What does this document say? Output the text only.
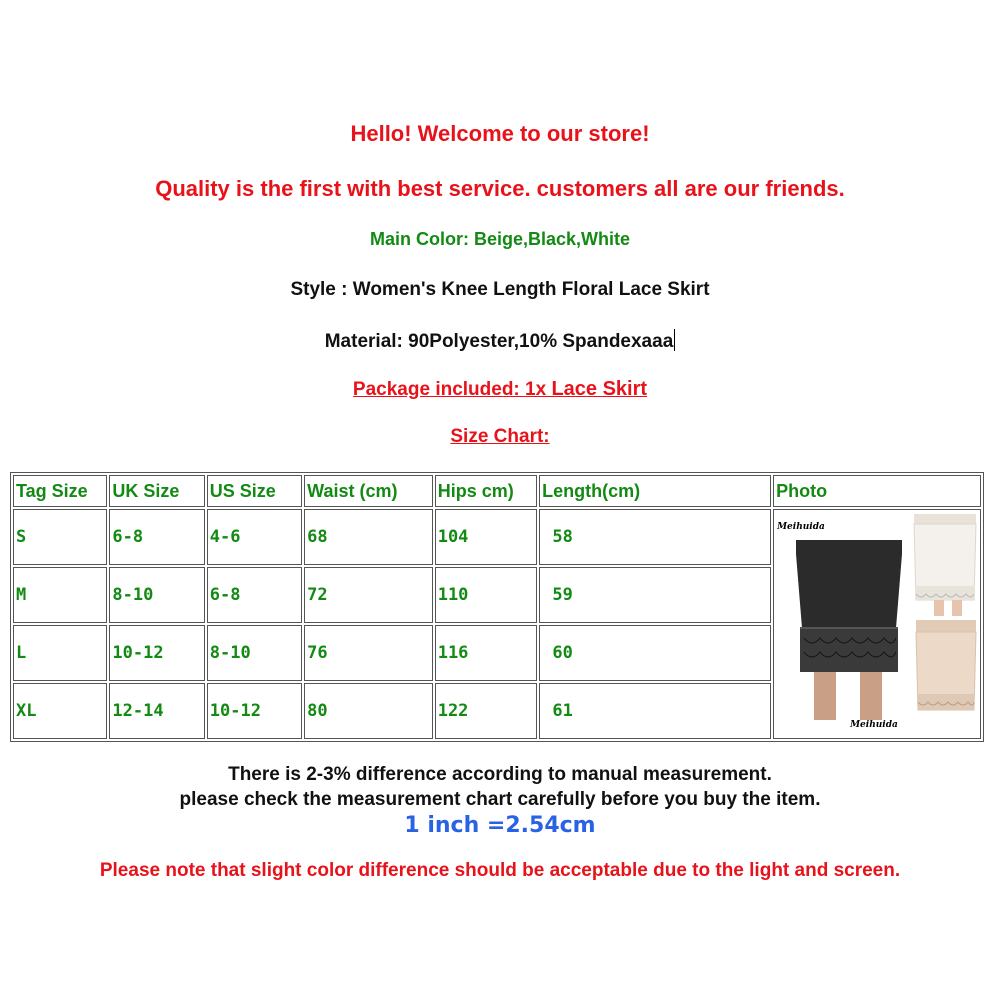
Hello! Welcome to our store!
Quality is the first with best service. customers all are our friends.
Main Color: Beige,Black,White
Style : Women's Knee Length Floral Lace Skirt
Material: 90Polyester,10% Spandexaaa
Package included: 1x Lace Skirt
Size Chart:
Tag Size	UK Size	US Size	Waist (cm)	Hips cm)	Length(cm)	Photo
S	6-8	4-6	68	104	58	Meihuida
Meihuida

M	8-10	6-8	72	110	59	
L	10-12	8-10	76	116	60	
XL	12-14	10-12	80	122	61	
There is 2-3% difference according to manual measurement.
please check the measurement chart carefully before you buy the item.
1 inch =2.54cm
Please note that slight color difference should be acceptable due to the light and screen.
